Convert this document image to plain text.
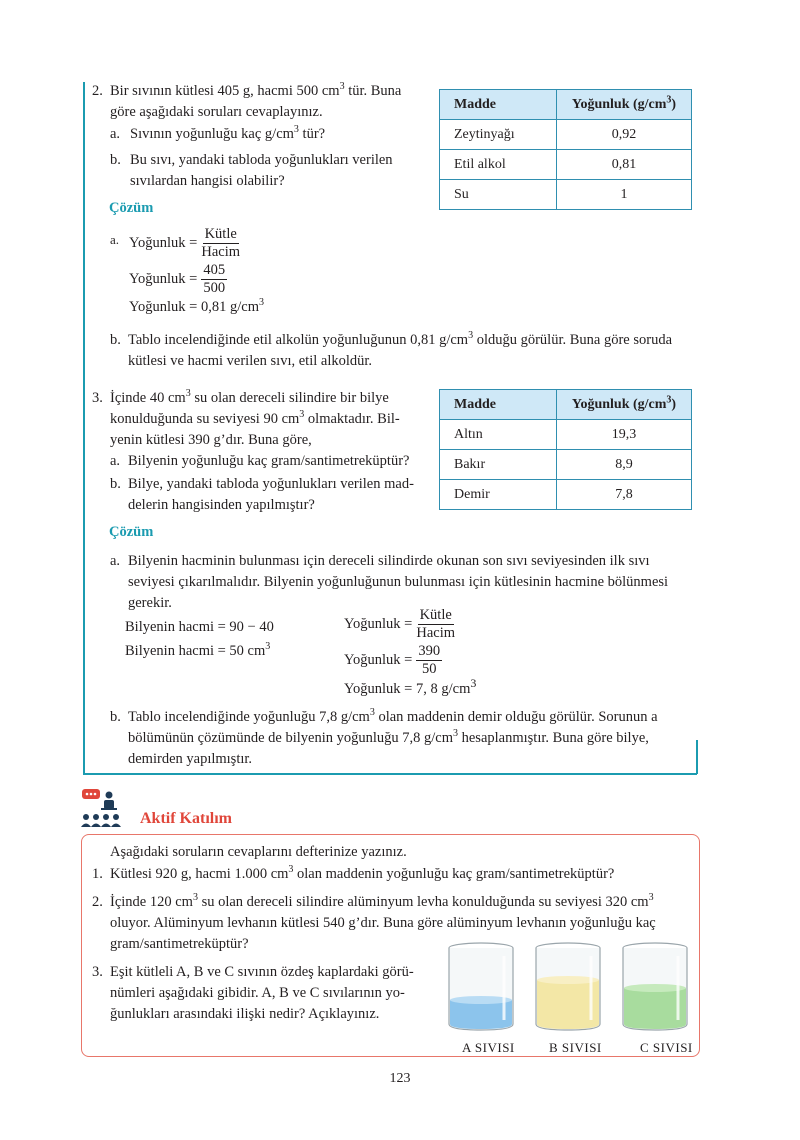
2. Bir sıvının kütlesi 405 g, hacmi 500 $cm^3$ tür. Buna
göre aşağıdaki soruları cevaplayınız.
a. Sıvının yoğunluğu kaç $g/cm^3$ tür?
b. Bu sıvı, yandaki tabloda yoğunlukları verilen
sıvılardan hangisi olabilir?
Çözüm
a. Yoğunluk = $\frac{\text{Kütle}}{\text{Hacim}}$
Yoğunluk = $\frac{405}{500}$
Yoğunluk = 0,81 $g/cm^3$
b. Tablo incelendiğinde etil alkolün yoğunluğunun 0,81 $g/cm^3$ olduğu görülür. Buna göre soruda
kütlesi ve hacmi verilen sıvı, etil alkoldür.
Madde	Yoğunluk $(g/cm^3)$
Zeytinyağı	0,92
Etil alkol	0,81
Su	1
3. İçinde 40 $cm^3$ su olan dereceli silindire bir bilye
konulduğunda su seviyesi 90 $cm^3$ olmaktadır. Bil-
yenin kütlesi 390 g’dır. Buna göre,
a. Bilyenin yoğunluğu kaç gram/santimetreküptür?
b. Bilye, yandaki tabloda yoğunlukları verilen mad-
delerin hangisinden yapılmıştır?
Çözüm
a. Bilyenin hacminin bulunması için dereceli silindirde okunan son sıvı seviyesinden ilk sıvı
seviyesi çıkarılmalıdır. Bilyenin yoğunluğunun bulunması için kütlesinin hacmine bölünmesi
gerekir.
Bilyenin hacmi = 90 − 40
Bilyenin hacmi = 50 $cm^3$
Yoğunluk = $\frac{\text{Kütle}}{\text{Hacim}}$
Yoğunluk = $\frac{390}{50}$
Yoğunluk = 7, 8 $g/cm^3$
b. Tablo incelendiğinde yoğunluğu 7,8 $g/cm^3$ olan maddenin demir olduğu görülür. Sorunun a
bölümünün çözümünde de bilyenin yoğunluğu 7,8 $g/cm^3$ hesaplanmıştır. Buna göre bilye,
demirden yapılmıştır.
Madde	Yoğunluk $(g/cm^3)$
Altın	19,3
Bakır	8,9
Demir	7,8
Aktif Katılım
Aşağıdaki soruların cevaplarını defterinize yazınız.
1. Kütlesi 920 g, hacmi 1.000 $cm^3$ olan maddenin yoğunluğu kaç gram/santimetreküptür?
2. İçinde 120 $cm^3$ su olan dereceli silindire alüminyum levha konulduğunda su seviyesi 320 $cm^3$
oluyor. Alüminyum levhanın kütlesi 540 g’dır. Buna göre alüminyum levhanın yoğunluğu kaç
gram/santimetreküptür?
3. Eşit kütleli A, B ve C sıvının özdeş kaplardaki görü-
nümleri aşağıdaki gibidir. A, B ve C sıvılarının yo-
ğunlukları arasındaki ilişki nedir? Açıklayınız.
A SIVISI	B SIVISI	C SIVISI
123
